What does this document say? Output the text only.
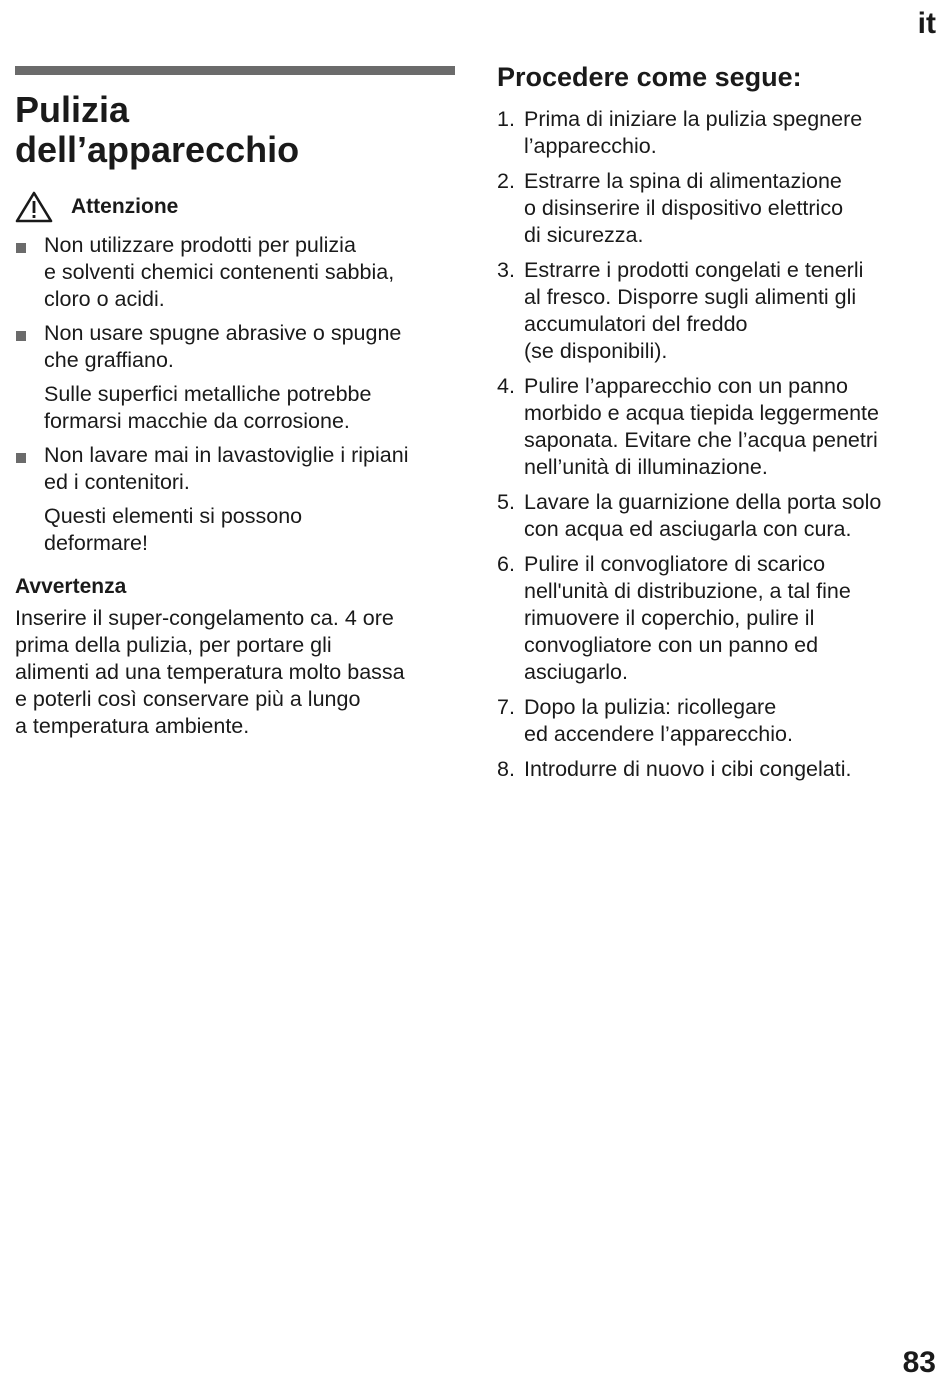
it
Pulizia
dell’apparecchio
Attenzione
Non utilizzare prodotti per pulizia
e solventi chemici contenenti sabbia,
cloro o acidi.
Non usare spugne abrasive o spugne
che graffiano.
Sulle superfici metalliche potrebbe
formarsi macchie da corrosione.
Non lavare mai in lavastoviglie i ripiani
ed i contenitori.
Questi elementi si possono
deformare!
Avvertenza
Inserire il super-congelamento ca. 4 ore
prima della pulizia, per portare gli
alimenti ad una temperatura molto bassa
e poterli così conservare più a lungo
a temperatura ambiente.
Procedere come segue:
1. Prima di iniziare la pulizia spegnere
l’apparecchio.
2. Estrarre la spina di alimentazione
o disinserire il dispositivo elettrico
di sicurezza.
3. Estrarre i prodotti congelati e tenerli
al fresco. Disporre sugli alimenti gli
accumulatori del freddo
(se disponibili).
4. Pulire l’apparecchio con un panno
morbido e acqua tiepida leggermente
saponata. Evitare che l’acqua penetri
nell’unità di illuminazione.
5. Lavare la guarnizione della porta solo
con acqua ed asciugarla con cura.
6. Pulire il convogliatore di scarico
nell'unità di distribuzione, a tal fine
rimuovere il coperchio, pulire il
convogliatore con un panno ed
asciugarlo.
7. Dopo la pulizia: ricollegare
ed accendere l’apparecchio.
8. Introdurre di nuovo i cibi congelati.
83
